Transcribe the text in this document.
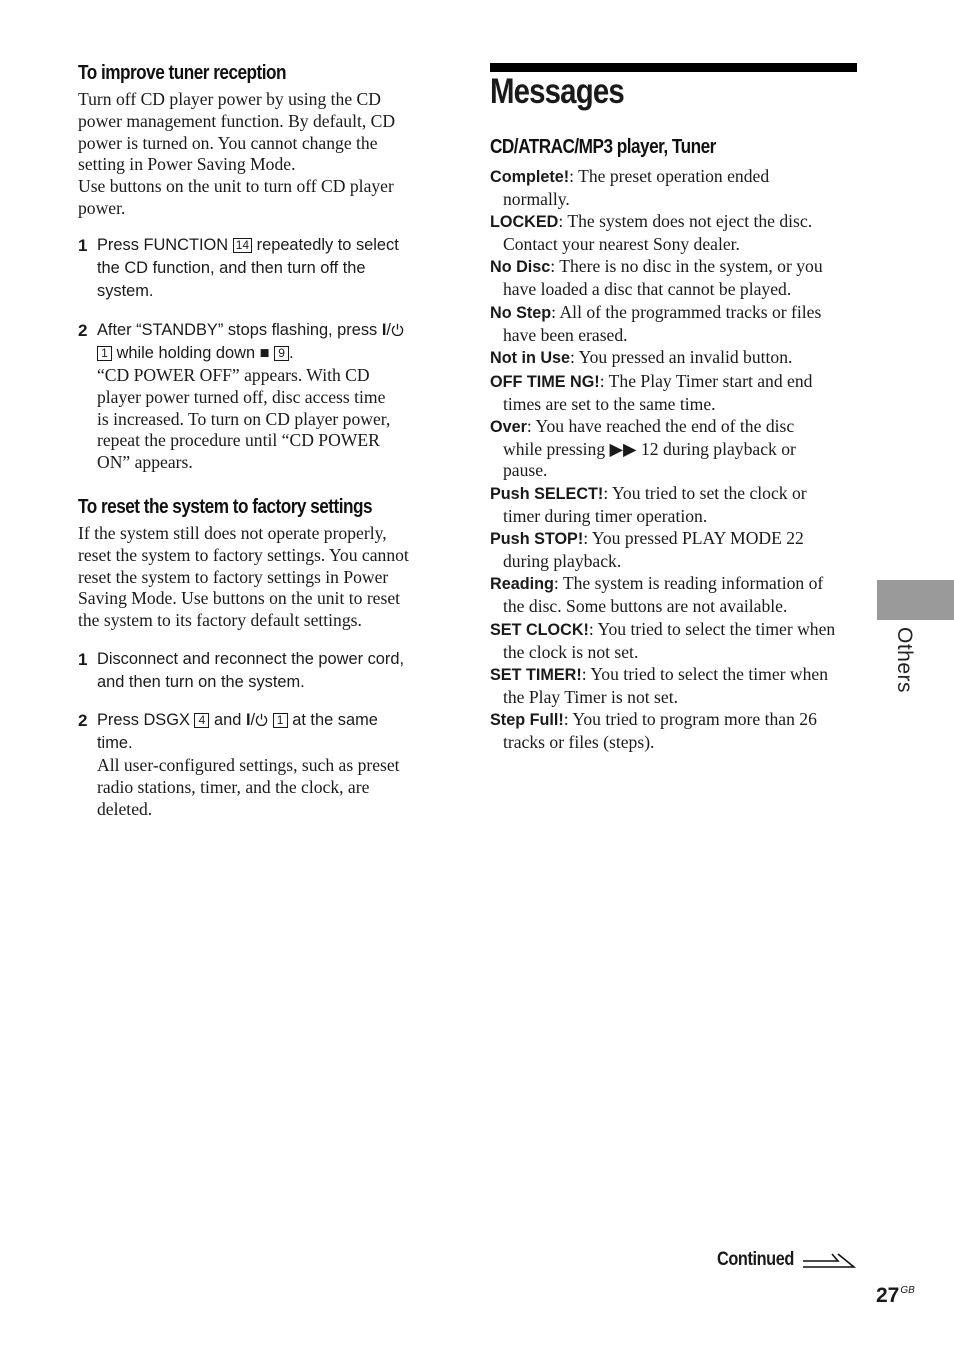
To improve tuner reception
Turn off CD player power by using the CD
power management function. By default, CD
power is turned on. You cannot change the
setting in Power Saving Mode.
Use buttons on the unit to turn off CD player
power.
1 Press FUNCTION 14 repeatedly to select
the CD function, and then turn off the
system.
2 After “STANDBY” stops flashing, press I/
1 while holding down ■ 9 .
“CD POWER OFF” appears. With CD
player power turned off, disc access time
is increased. To turn on CD player power,
repeat the procedure until “CD POWER
ON” appears.
To reset the system to factory settings
If the system still does not operate properly,
reset the system to factory settings. You cannot
reset the system to factory settings in Power
Saving Mode. Use buttons on the unit to reset
the system to its factory default settings.
1 Disconnect and reconnect the power cord,
and then turn on the system.
2 Press DSGX 4 and I/ 1 at the same
time.
All user-configured settings, such as preset
radio stations, timer, and the clock, are
deleted.
Messages
CD/ATRAC/MP3 player, Tuner
Complete!: The preset operation ended
normally.
LOCKED: The system does not eject the disc.
Contact your nearest Sony dealer.
No Disc: There is no disc in the system, or you
have loaded a disc that cannot be played.
No Step: All of the programmed tracks or files
have been erased.
Not in Use: You pressed an invalid button.
OFF TIME NG!: The Play Timer start and end
times are set to the same time.
Over: You have reached the end of the disc
while pressing ▶▶ 12 during playback or
pause.
Push SELECT!: You tried to set the clock or
timer during timer operation.
Push STOP!: You pressed PLAY MODE 22
during playback.
Reading: The system is reading information of
the disc. Some buttons are not available.
SET CLOCK!: You tried to select the timer when
the clock is not set.
SET TIMER!: You tried to select the timer when
the Play Timer is not set.
Step Full!: You tried to program more than 26
tracks or files (steps).
Others
Continued
$27^{GB}$
